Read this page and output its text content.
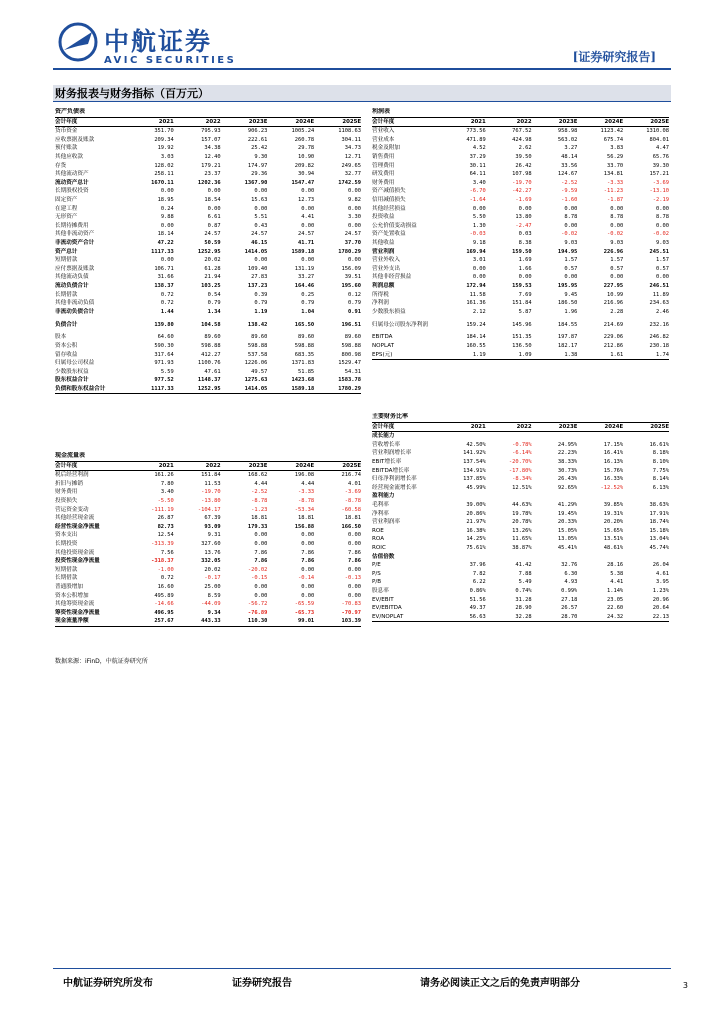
中航证券
AVIC SECURITIES	[证券研究报告]
财务报表与财务指标（百万元）
资产负债表					
会计年度	2021	2022	2023E	2024E	2025E
货币资金	351.70	795.93	906.23	1005.24	1108.63
应收票据及账款	209.34	157.07	222.61	260.78	304.11
预付账款	19.92	34.38	25.42	29.78	34.73
其他应收款	3.03	12.40	9.30	10.90	12.71
存货	128.02	179.21	174.97	209.82	249.65
其他流动资产	258.11	23.37	29.36	30.94	32.77
流动资产总计	1670.11	1202.36	1367.90	1547.47	1742.59
长期股权投资	0.00	0.00	0.00	0.00	0.00
固定资产	18.95	18.54	15.63	12.73	9.82
在建工程	0.24	0.00	0.00	0.00	0.00
无形资产	9.88	6.61	5.51	4.41	3.30
长期待摊费用	0.00	0.87	0.43	0.00	0.00
其他非流动资产	18.14	24.57	24.57	24.57	24.57
非流动资产合计	47.22	50.59	46.15	41.71	37.70
资产总计	1117.33	1252.95	1414.05	1589.18	1780.29
短期借款	0.00	20.02	0.00	0.00	0.00
应付票据及账款	106.71	61.28	109.40	131.19	156.09
其他流动负债	31.66	21.94	27.83	33.27	39.51
流动负债合计	138.37	103.25	137.23	164.46	195.60
长期借款	0.72	0.54	0.39	0.25	0.12
其他非流动负债	0.72	0.79	0.79	0.79	0.79
非流动负债合计	1.44	1.34	1.19	1.04	0.91
负债合计	139.80	104.58	138.42	165.50	196.51
股本	64.60	89.60	89.60	89.60	89.60
资本公积	590.30	598.88	598.88	598.88	598.88
留存收益	317.64	412.27	537.58	683.35	800.98
归属母公司权益	971.93	1100.76	1226.06	1371.83	1529.47
少数股东权益	5.59	47.61	49.57	51.85	54.31
股东权益合计	977.52	1148.37	1275.63	1423.68	1583.78
负债和股东权益合计	1117.33	1252.95	1414.05	1589.18	1780.29
现金流量表					
会计年度	2021	2022	2023E	2024E	2025E
税后经营利润	161.26	151.84	168.62	196.08	216.74
折旧与摊销	7.80	11.53	4.44	4.44	4.01
财务费用	3.40	-19.70	-2.52	-3.33	-3.69
投资损失	-5.50	-13.80	-8.78	-8.78	-8.78
营运资金变动	-111.19	-104.17	-1.23	-53.34	-60.58
其他经营现金流	26.87	67.39	18.81	18.81	18.81
经营性现金净流量	82.73	93.09	179.33	156.88	166.50
资本支出	12.54	9.31	0.00	0.00	0.00
长期投资	-313.39	327.60	0.00	0.00	0.00
其他投资现金流	7.56	13.76	7.86	7.86	7.86
投资性现金净流量	-318.37	332.05	7.86	7.86	7.86
短期借款	-1.00	20.02	-20.02	0.00	0.00
长期借款	0.72	-0.17	-0.15	-0.14	-0.13
普通股增加	16.60	25.00	0.00	0.00	0.00
资本公积增加	495.89	8.59	0.00	0.00	0.00
其他筹资现金流	-14.66	-44.09	-56.72	-65.59	-70.83
筹资性现金净流量	496.95	9.34	-76.89	-65.73	-70.97
现金流量净额	257.67	443.33	110.30	99.01	103.39
利润表					
会计年度	2021	2022	2023E	2024E	2025E
营业收入	773.56	767.52	958.98	1123.42	1310.08
营业成本	471.89	424.98	563.02	675.74	804.01
税金及附加	4.52	2.62	3.27	3.83	4.47
销售费用	37.29	39.50	48.14	56.29	65.76
管理费用	30.11	26.42	33.56	33.70	39.30
研发费用	64.11	107.98	124.67	134.81	157.21
财务费用	3.40	-19.70	-2.52	-3.33	-3.69
资产减值损失	-6.70	-42.27	-9.59	-11.23	-13.10
信用减值损失	-1.64	-1.69	-1.60	-1.87	-2.19
其他经营损益	0.00	0.00	0.00	0.00	0.00
投资收益	5.50	13.80	8.78	8.78	8.78
公允价值变动损益	1.30	-2.47	0.00	0.00	0.00
资产处置收益	-0.03	0.03	-0.02	-0.02	-0.02
其他收益	9.18	8.38	9.03	9.03	9.03
营业利润	169.94	159.50	194.95	226.96	245.51
营业外收入	3.01	1.69	1.57	1.57	1.57
营业外支出	0.00	1.66	0.57	0.57	0.57
其他非经营损益	0.00	0.00	0.00	0.00	0.00
利润总额	172.94	159.53	195.95	227.95	246.51
所得税	11.58	7.69	9.45	10.99	11.89
净利润	161.36	151.84	186.50	216.96	234.63
少数股东损益	2.12	5.87	1.96	2.28	2.46
归属母公司股东净利润	159.24	145.96	184.55	214.69	232.16
EBITDA	184.14	151.35	197.87	229.06	246.82
NOPLAT	160.55	136.50	182.17	212.86	230.18
EPS(元)	1.19	1.09	1.38	1.61	1.74
主要财务比率					
会计年度	2021	2022	2023E	2024E	2025E
成长能力					
营收增长率	42.50%	-0.78%	24.95%	17.15%	16.61%
营业利润增长率	141.92%	-6.14%	22.23%	16.41%	8.18%
EBIT增长率	137.54%	-20.70%	38.33%	16.13%	8.10%
EBITDA增长率	134.91%	-17.80%	30.73%	15.76%	7.75%
归母净利润增长率	137.85%	-8.34%	26.43%	16.33%	8.14%
经营现金流增长率	45.99%	12.51%	92.65%	-12.52%	6.13%
盈利能力					
毛利率	39.00%	44.63%	41.29%	39.85%	38.63%
净利率	20.86%	19.78%	19.45%	19.31%	17.91%
营业利润率	21.97%	20.78%	20.33%	20.20%	18.74%
ROE	16.38%	13.26%	15.05%	15.65%	15.18%
ROA	14.25%	11.65%	13.05%	13.51%	13.04%
ROIC	75.61%	38.87%	45.41%	48.61%	45.74%
估值倍数					
P/E	37.96	41.42	32.76	28.16	26.04
P/S	7.82	7.88	6.30	5.38	4.61
P/B	6.22	5.49	4.93	4.41	3.95
股息率	0.86%	0.74%	0.99%	1.14%	1.23%
EV/EBIT	51.56	31.28	27.18	23.05	20.96
EV/EBITDA	49.37	28.90	26.57	22.60	20.64
EV/NOPLAT	56.63	32.28	28.70	24.32	22.13
数据来源：iFinD，中航证券研究所
中航证券研究所发布	证券研究报告	请务必阅读正文之后的免责声明部分	3
